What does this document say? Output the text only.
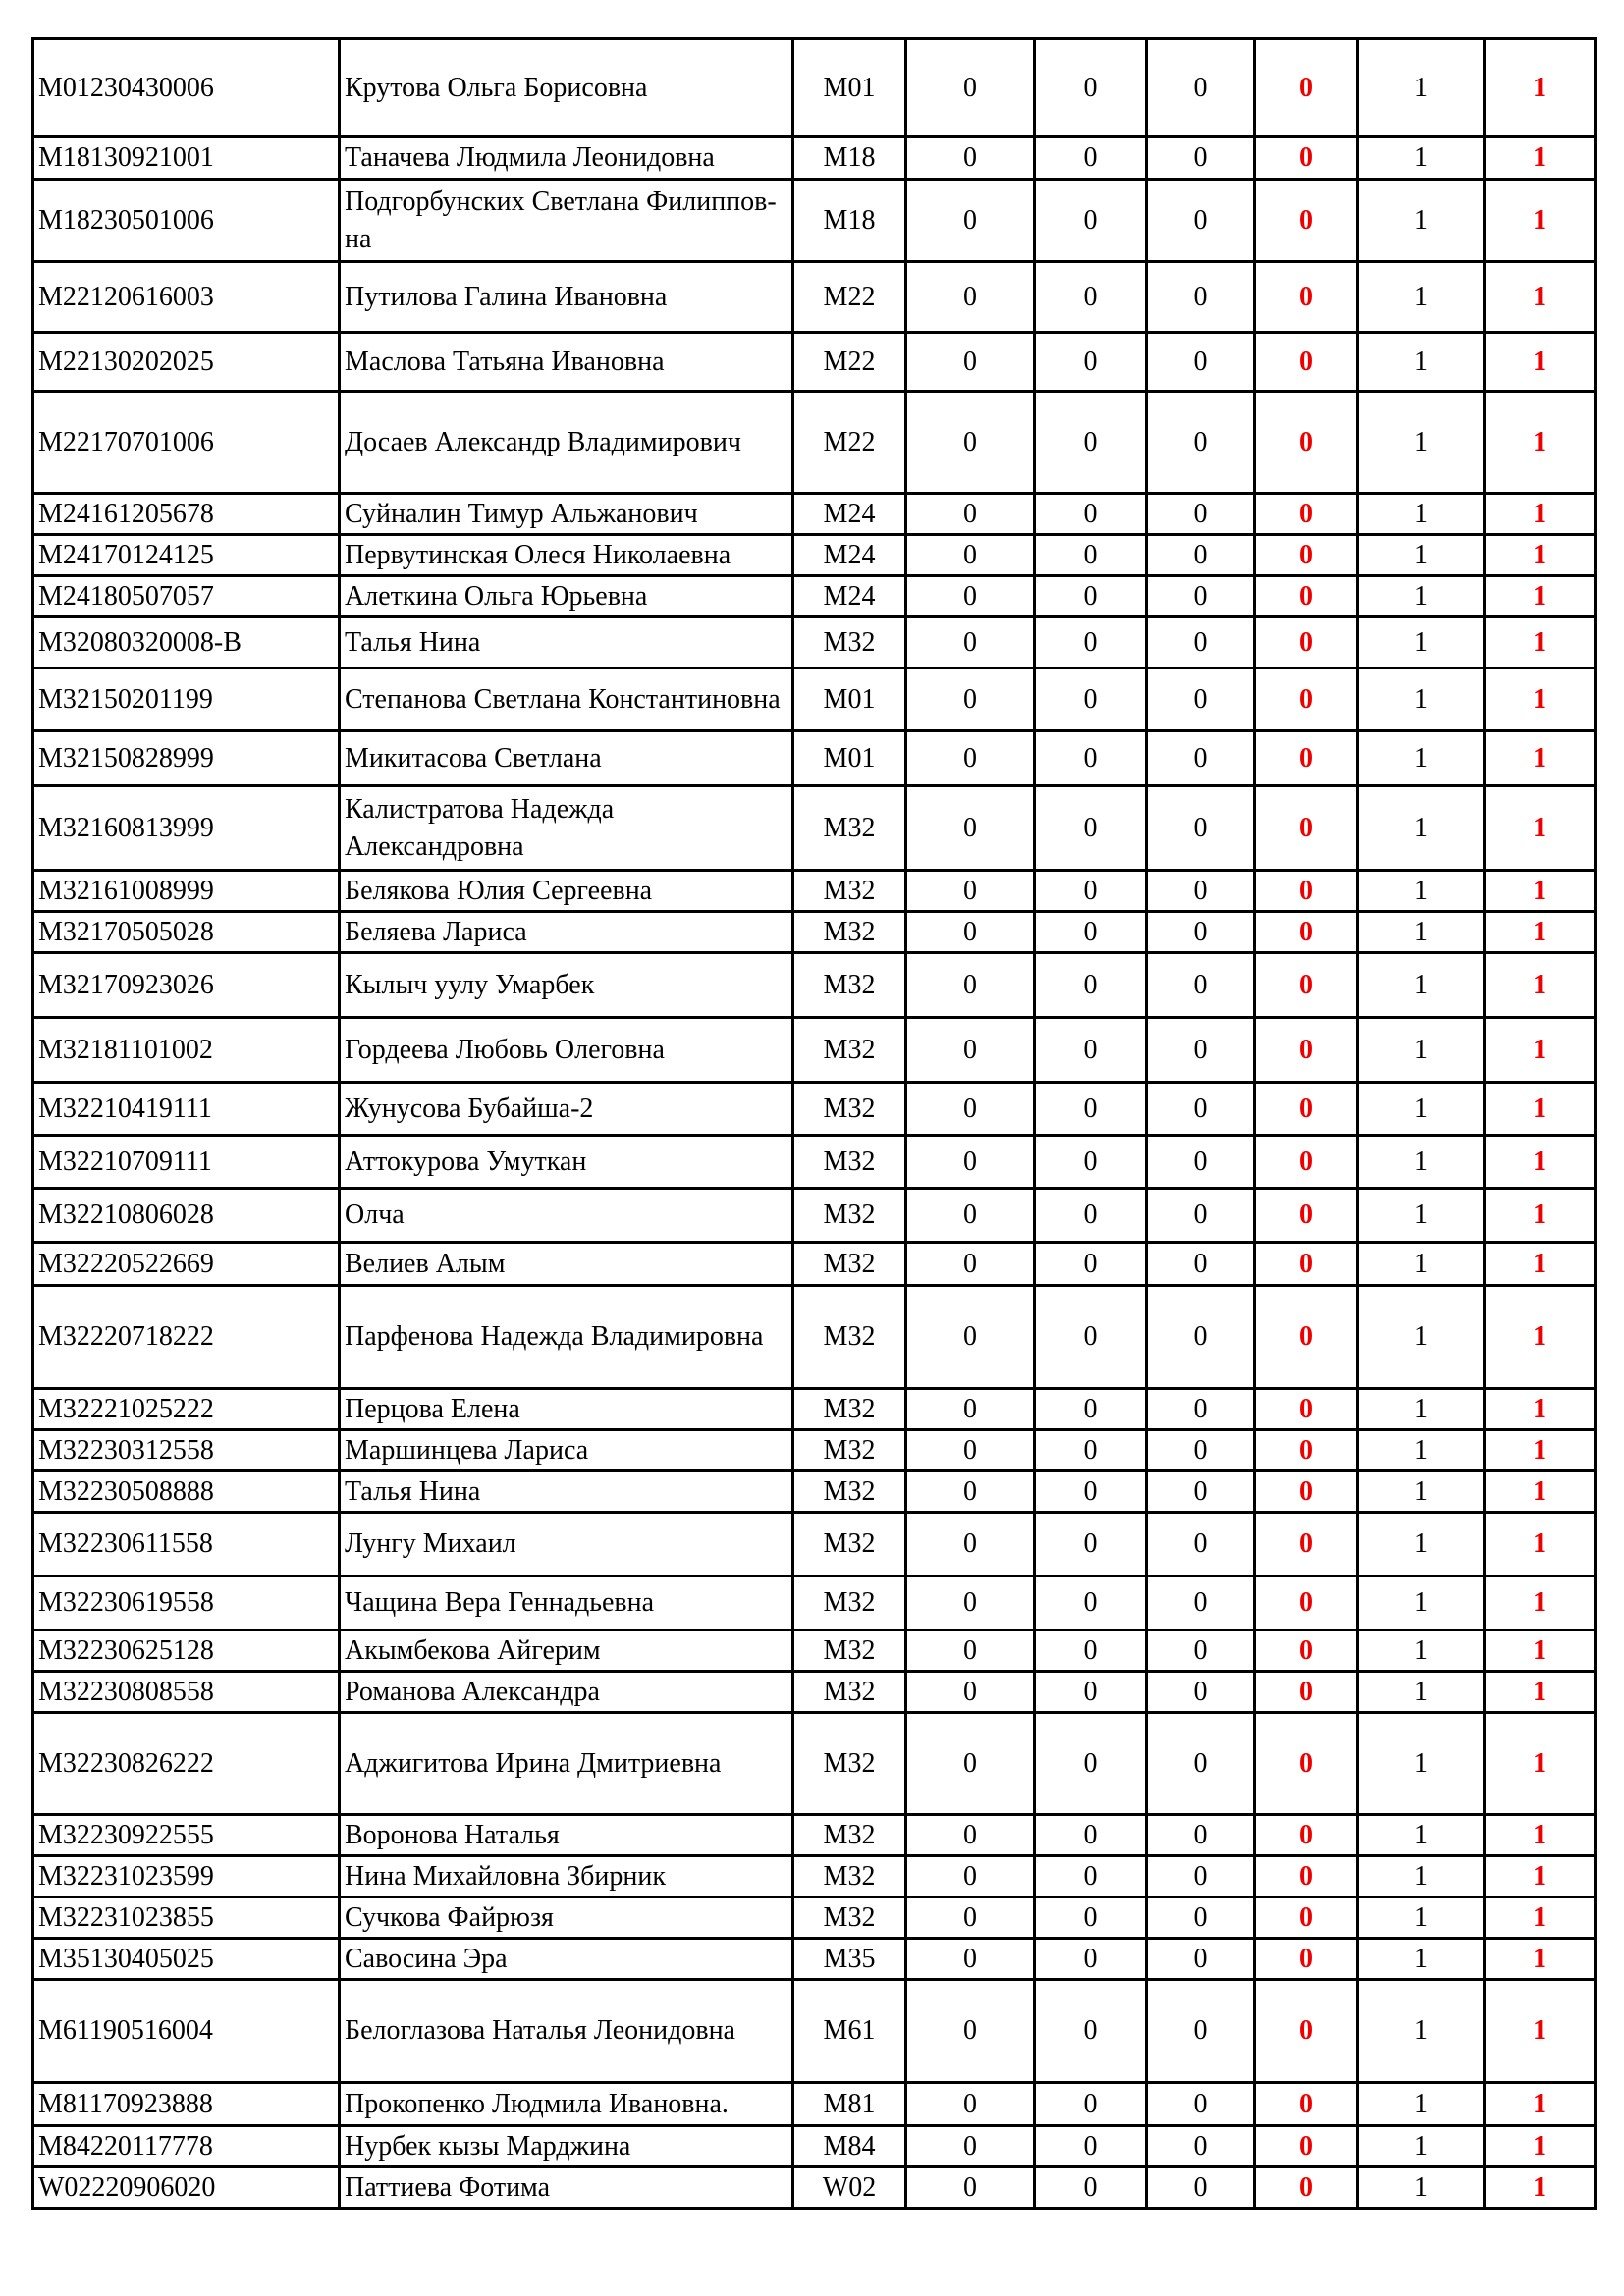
M01230430006	Крутова Ольга Борисовна	M01	0	0	0	0	1	1
M18130921001	Таначева Людмила Леонидовна	M18	0	0	0	0	1	1
M18230501006	Подгорбунских Светлана Филипповна	M18	0	0	0	0	1	1
M22120616003	Путилова Галина Ивановна	M22	0	0	0	0	1	1
M22130202025	Маслова Татьяна Ивановна	M22	0	0	0	0	1	1
M22170701006	Досаев Александр Владимирович	M22	0	0	0	0	1	1
M24161205678	Суйналин Тимур Альжанович	M24	0	0	0	0	1	1
M24170124125	Первутинская Олеся Николаевна	M24	0	0	0	0	1	1
M24180507057	Алеткина Ольга Юрьевна	M24	0	0	0	0	1	1
M32080320008-B	Талья Нина	M32	0	0	0	0	1	1
M32150201199	Степанова Светлана Константиновна	M01	0	0	0	0	1	1
M32150828999	Микитасова Светлана	M01	0	0	0	0	1	1
M32160813999	Калистратова Надежда Александровна	M32	0	0	0	0	1	1
M32161008999	Белякова Юлия Сергеевна	M32	0	0	0	0	1	1
M32170505028	Беляева Лариса	M32	0	0	0	0	1	1
M32170923026	Кылыч уулу Умарбек	M32	0	0	0	0	1	1
M32181101002	Гордеева Любовь Олеговна	M32	0	0	0	0	1	1
M32210419111	Жунусова Бубайша-2	M32	0	0	0	0	1	1
M32210709111	Аттокурова Умуткан	M32	0	0	0	0	1	1
M32210806028	Олча	M32	0	0	0	0	1	1
M32220522669	Велиев Алым	M32	0	0	0	0	1	1
M32220718222	Парфенова Надежда Владимировна	M32	0	0	0	0	1	1
M32221025222	Перцова Елена	M32	0	0	0	0	1	1
M32230312558	Маршинцева Лариса	M32	0	0	0	0	1	1
M32230508888	Талья Нина	M32	0	0	0	0	1	1
M32230611558	Лунгу Михаил	M32	0	0	0	0	1	1
M32230619558	Чащина Вера Геннадьевна	M32	0	0	0	0	1	1
M32230625128	Акымбекова Айгерим	M32	0	0	0	0	1	1
M32230808558	Романова Александра	M32	0	0	0	0	1	1
M32230826222	Аджигитова Ирина Дмитриевна	M32	0	0	0	0	1	1
M32230922555	Воронова Наталья	M32	0	0	0	0	1	1
M32231023599	Нина Михайловна Збирник	M32	0	0	0	0	1	1
M32231023855	Сучкова Файрюзя	M32	0	0	0	0	1	1
M35130405025	Савосина Эра	M35	0	0	0	0	1	1
M61190516004	Белоглазова Наталья Леонидовна	M61	0	0	0	0	1	1
M81170923888	Прокопенко Людмила Ивановна.	M81	0	0	0	0	1	1
M84220117778	Нурбек кызы Марджина	M84	0	0	0	0	1	1
W02220906020	Паттиева Фотима	W02	0	0	0	0	1	1
